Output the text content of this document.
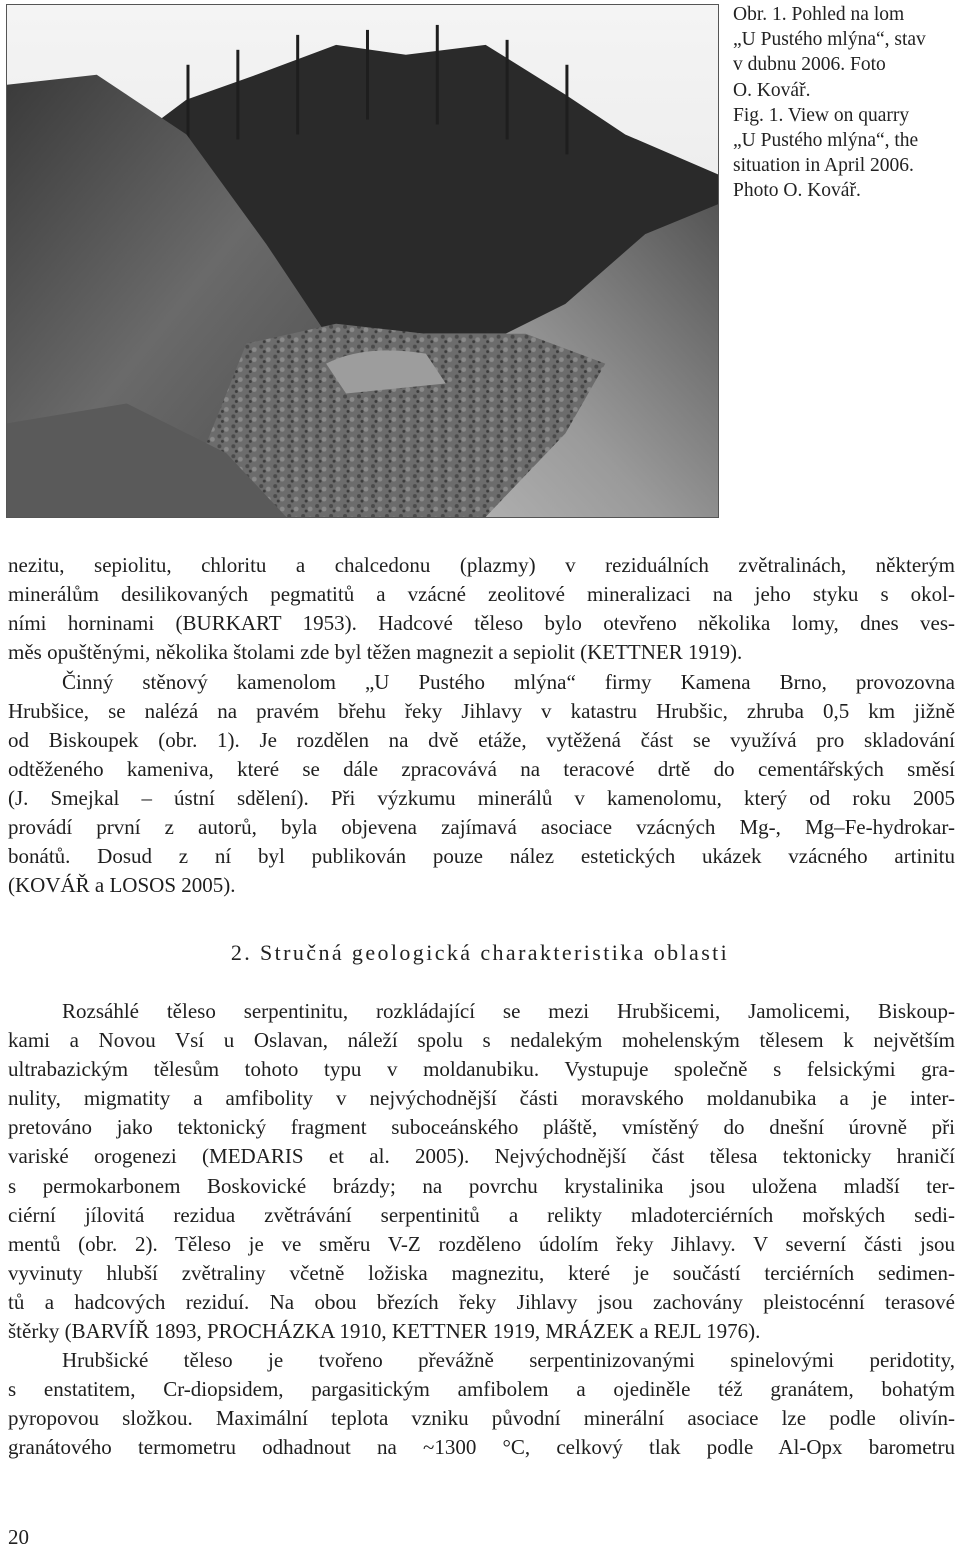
Obr. 1. Pohled na lom
„U Pustého mlýna“, stav
v dubnu 2006. Foto
O. Kovář.
Fig. 1. View on quarry
„U Pustého mlýna“, the
situation in April 2006.
Photo O. Kovář.
nezitu, sepiolitu, chloritu a chalcedonu (plazmy) v reziduálních zvětralinách, některým
minerálům desilikovaných pegmatitů a vzácné zeolitové mineralizaci na jeho styku s okol-
ními horninami (BURKART 1953). Hadcové těleso bylo otevřeno několika lomy, dnes ves-
měs opuštěnými, několika štolami zde byl těžen magnezit a sepiolit (KETTNER 1919).
Činný stěnový kamenolom „U Pustého mlýna“ firmy Kamena Brno, provozovna
Hrubšice, se nalézá na pravém břehu řeky Jihlavy v katastru Hrubšic, zhruba 0,5 km jižně
od Biskoupek (obr. 1). Je rozdělen na dvě etáže, vytěžená část se využívá pro skladování
odtěženého kameniva, které se dále zpracovává na teracové drtě do cementářských směsí
(J. Smejkal – ústní sdělení). Při výzkumu minerálů v kamenolomu, který od roku 2005
provádí první z autorů, byla objevena zajímavá asociace vzácných Mg-, Mg–Fe-hydrokar-
bonátů. Dosud z ní byl publikován pouze nález estetických ukázek vzácného artinitu
(KOVÁŘ a LOSOS 2005).
2. Stručná geologická charakteristika oblasti
Rozsáhlé těleso serpentinitu, rozkládající se mezi Hrubšicemi, Jamolicemi, Biskoup-
kami a Novou Vsí u Oslavan, náleží spolu s nedalekým mohelenským tělesem k největším
ultrabazickým tělesům tohoto typu v moldanubiku. Vystupuje společně s felsickými gra-
nulity, migmatity a amfibolity v nejvýchodnější části moravského moldanubika a je inter-
pretováno jako tektonický fragment suboceánského pláště, vmístěný do dnešní úrovně při
variské orogenezi (MEDARIS et al. 2005). Nejvýchodnější část tělesa tektonicky hraničí
s permokarbonem Boskovické brázdy; na povrchu krystalinika jsou uložena mladší ter-
ciérní jílovitá rezidua zvětrávání serpentinitů a relikty mladoterciérních mořských sedi-
mentů (obr. 2). Těleso je ve směru V-Z rozděleno údolím řeky Jihlavy. V severní části jsou
vyvinuty hlubší zvětraliny včetně ložiska magnezitu, které je součástí terciérních sedimen-
tů a hadcových reziduí. Na obou březích řeky Jihlavy jsou zachovány pleistocénní terasové
štěrky (BARVÍŘ 1893, PROCHÁZKA 1910, KETTNER 1919, MRÁZEK a REJL 1976).
Hrubšické těleso je tvořeno převážně serpentinizovanými spinelovými peridotity,
s enstatitem, Cr-diopsidem, pargasitickým amfibolem a ojediněle též granátem, bohatým
pyropovou složkou. Maximální teplota vzniku původní minerální asociace lze podle olivín-
granátového termometru odhadnout na ~1300 °C, celkový tlak podle Al-Opx barometru
20
